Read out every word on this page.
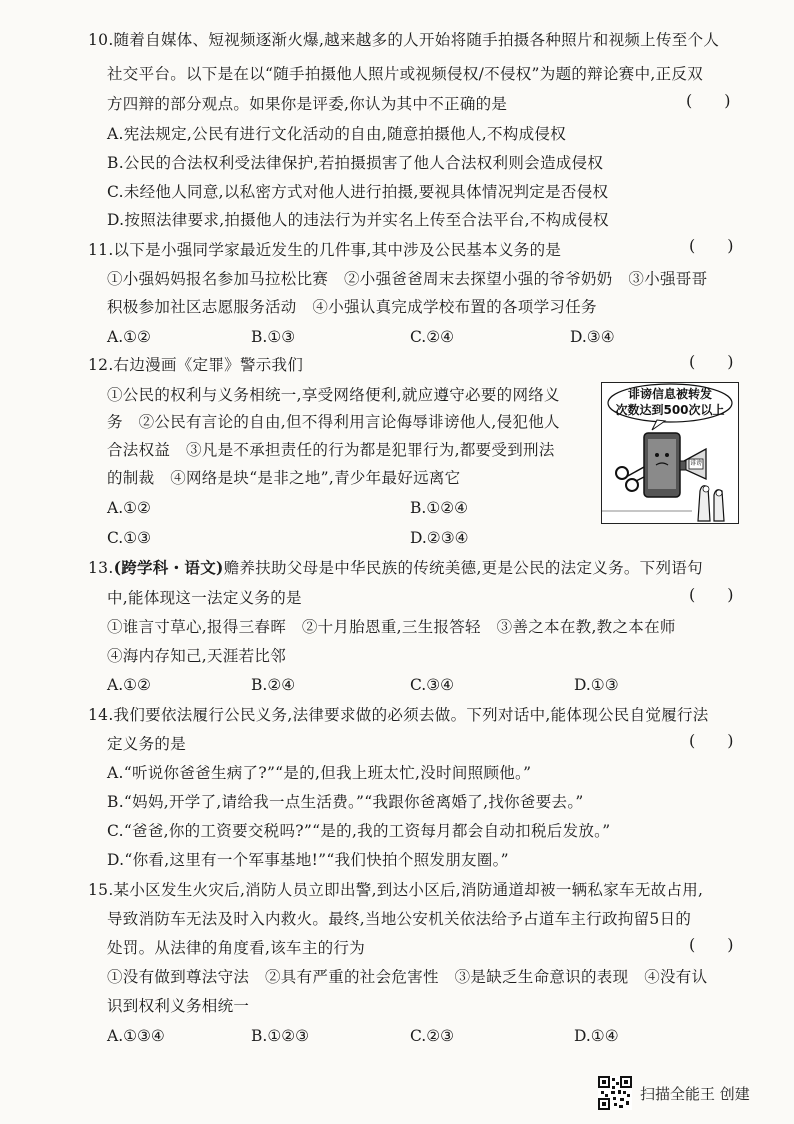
10.随着自媒体、短视频逐渐火爆,越来越多的人开始将随手拍摄各种照片和视频上传至个人
社交平台。以下是在以“随手拍摄他人照片或视频侵权/不侵权”为题的辩论赛中,正反双
方四辩的部分观点。如果你是评委,你认为其中不正确的是	(　　)
A.宪法规定,公民有进行文化活动的自由,随意拍摄他人,不构成侵权
B.公民的合法权利受法律保护,若拍摄损害了他人合法权利则会造成侵权
C.未经他人同意,以私密方式对他人进行拍摄,要视具体情况判定是否侵权
D.按照法律要求,拍摄他人的违法行为并实名上传至合法平台,不构成侵权
11.以下是小强同学家最近发生的几件事,其中涉及公民基本义务的是	(　　)
①小强妈妈报名参加马拉松比赛　②小强爸爸周末去探望小强的爷爷奶奶　③小强哥哥
积极参加社区志愿服务活动　④小强认真完成学校布置的各项学习任务
A.①②	B.①③	C.②④	D.③④
12.右边漫画《定罪》警示我们	(　　)
①公民的权利与义务相统一,享受网络便利,就应遵守必要的网络义
务　②公民有言论的自由,但不得利用言论侮辱诽谤他人,侵犯他人
合法权益　③凡是不承担责任的行为都是犯罪行为,都要受到刑法
的制裁　④网络是块“是非之地”,青少年最好远离它
A.①②	B.①②④
C.①③	D.②③④
诽谤信息被转发
次数达到500次以上
诽谤
13.(跨学科・语文)赡养扶助父母是中华民族的传统美德,更是公民的法定义务。下列语句
中,能体现这一法定义务的是	(　　)
①谁言寸草心,报得三春晖　②十月胎恩重,三生报答轻　③善之本在教,教之本在师
④海内存知己,天涯若比邻
A.①②	B.②④	C.③④	D.①③
14.我们要依法履行公民义务,法律要求做的必须去做。下列对话中,能体现公民自觉履行法
定义务的是	(　　)
A.“听说你爸爸生病了?”“是的,但我上班太忙,没时间照顾他。”
B.“妈妈,开学了,请给我一点生活费。”“我跟你爸离婚了,找你爸要去。”
C.“爸爸,你的工资要交税吗?”“是的,我的工资每月都会自动扣税后发放。”
D.“你看,这里有一个军事基地!”“我们快拍个照发朋友圈。”
15.某小区发生火灾后,消防人员立即出警,到达小区后,消防通道却被一辆私家车无故占用,
导致消防车无法及时入内救火。最终,当地公安机关依法给予占道车主行政拘留5日的
处罚。从法律的角度看,该车主的行为	(　　)
①没有做到尊法守法　②具有严重的社会危害性　③是缺乏生命意识的表现　④没有认
识到权利义务相统一
A.①③④	B.①②③	C.②③	D.①④
扫描全能王 创建
